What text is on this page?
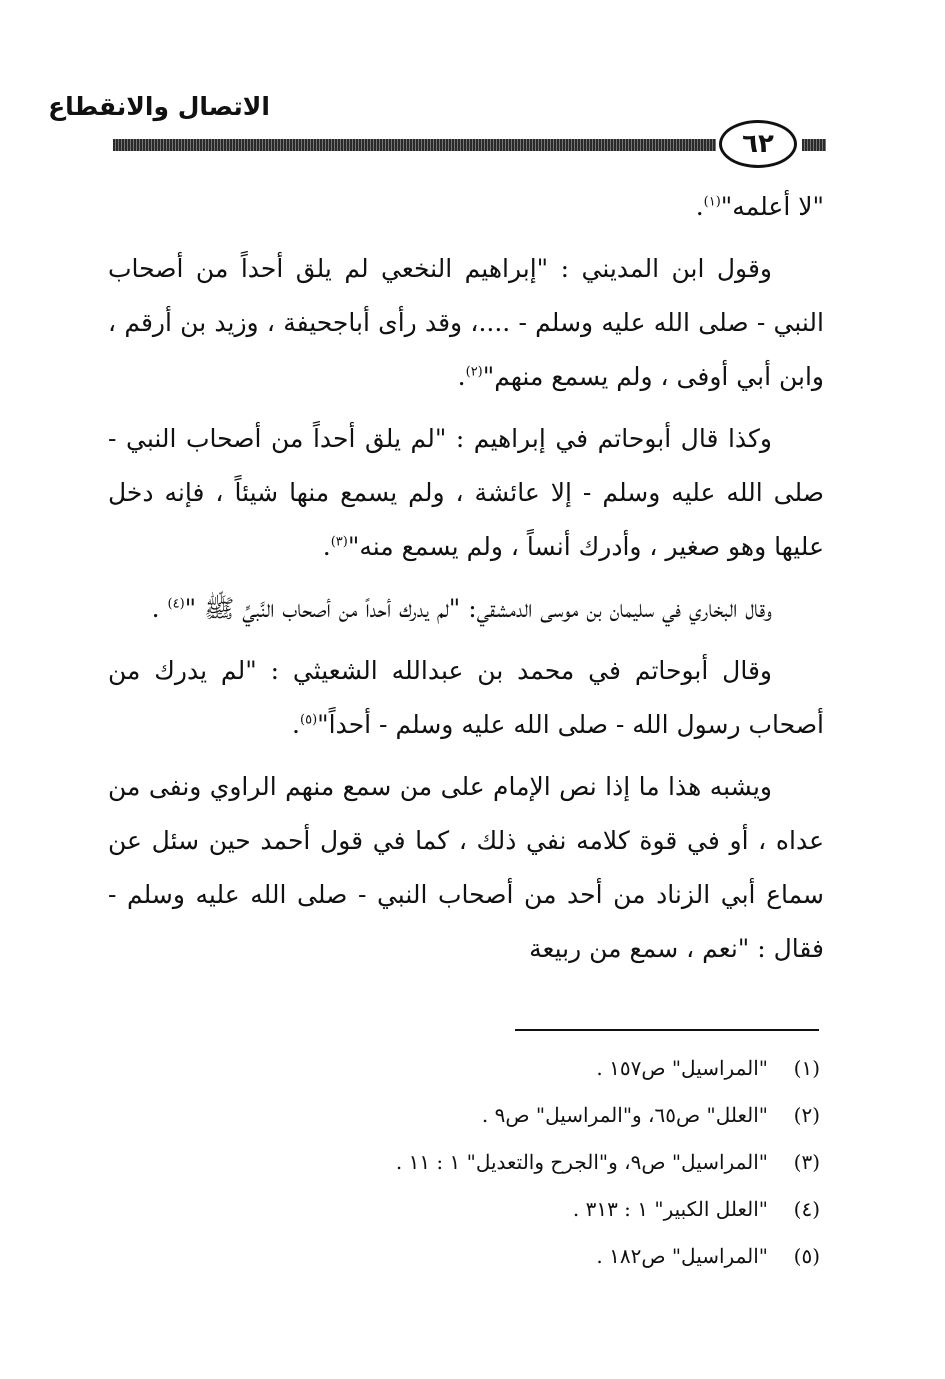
الاتصال والانقطاع
٦٢

"لا أعلمه"$^{(١)}$.

وقول ابن المديني : "إبراهيم النخعي لم يلق أحداً من أصحاب النبي - صلى الله عليه وسلم - ....، وقد رأى أباجحيفة ، وزيد بن أرقم ، وابن أبي أوفى ، ولم يسمع منهم"$^{(٢)}$.

وكذا قال أبوحاتم في إبراهيم : "لم يلق أحداً من أصحاب النبي - صلى الله عليه وسلم - إلا عائشة ، ولم يسمع منها شيئاً ، فإنه دخل عليها وهو صغير ، وأدرك أنساً ، ولم يسمع منه"$^{(٣)}$.

وقال البخاري في سليمان بن موسى الدمشقي: "لم يدرك أحداً من أصحاب النَّبيِّ ﷺ "$^{(٤)}$ .

وقال أبوحاتم في محمد بن عبدالله الشعيثي : "لم يدرك من أصحاب رسول الله - صلى الله عليه وسلم - أحداً"$^{(٥)}$.

ويشبه هذا ما إذا نص الإمام على من سمع منهم الراوي ونفى من عداه ، أو في قوة كلامه نفي ذلك ، كما في قول أحمد حين سئل عن سماع أبي الزناد من أحد من أصحاب النبي - صلى الله عليه وسلم - فقال : "نعم ، سمع من ربيعة

(١)"المراسيل" ص١٥٧ .
(٢)"العلل" ص٦٥، و"المراسيل" ص٩ .
(٣)"المراسيل" ص٩، و"الجرح والتعديل" ١ : ١١ .
(٤)"العلل الكبير" ١ : ٣١٣ .
(٥)"المراسيل" ص١٨٢ .
